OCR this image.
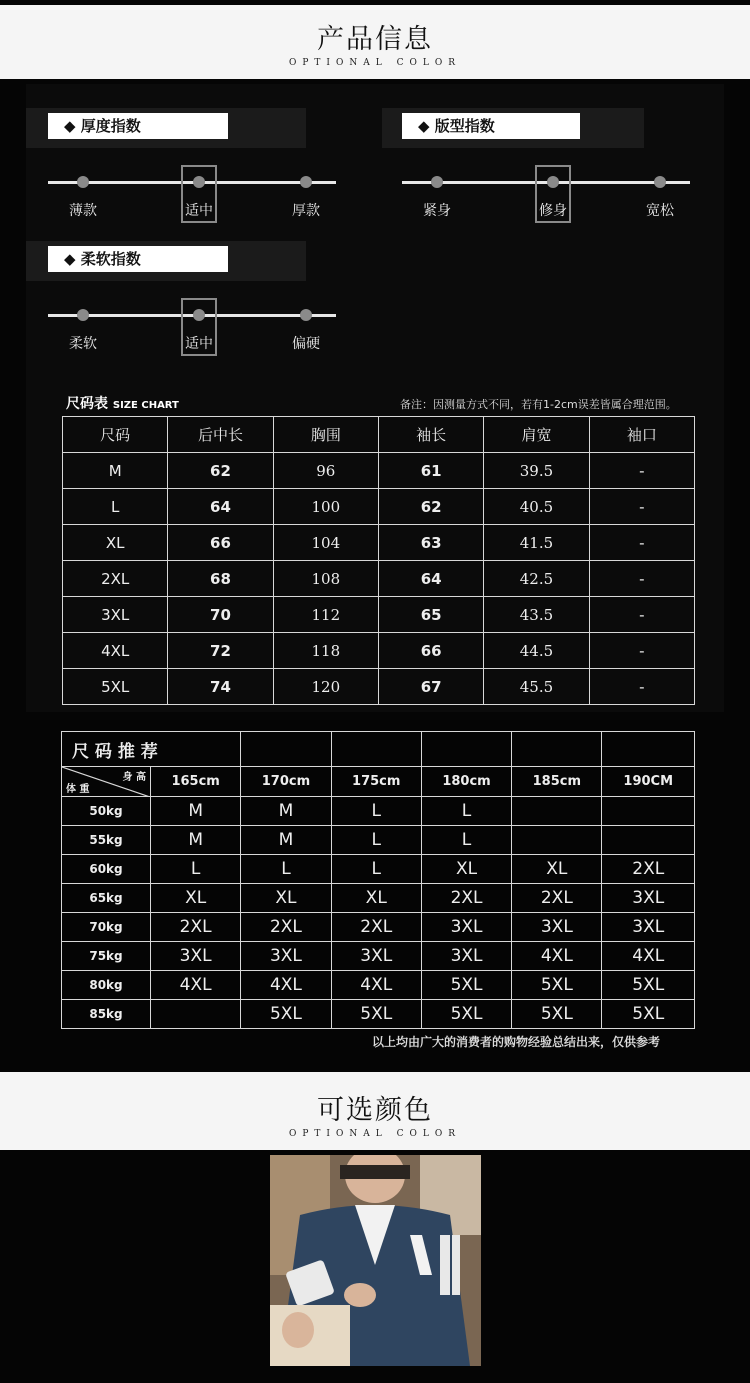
产品信息
OPTIONAL COLOR
◆ 厚度指数
薄款	适中	厚款
◆ 版型指数
紧身	修身	宽松
◆ 柔软指数
柔软	适中	偏硬
尺码表 SIZE CHART	备注：因测量方式不同，若有1-2cm误差皆属合理范围。
尺码	后中长	胸围	袖长	肩宽	袖口
M	62	96	61	39.5	-
L	64	100	62	40.5	-
XL	66	104	63	41.5	-
2XL	68	108	64	42.5	-
3XL	70	112	65	43.5	-
4XL	72	118	66	44.5	-
5XL	74	120	67	45.5	-
尺 码 推 荐						

身 高
体 重	165cm	170cm	175cm	180cm	185cm	190CM
50kg	M	M	L	L		
55kg	M	M	L	L		
60kg	L	L	L	XL	XL	2XL
65kg	XL	XL	XL	2XL	2XL	3XL
70kg	2XL	2XL	2XL	3XL	3XL	3XL
75kg	3XL	3XL	3XL	3XL	4XL	4XL
80kg	4XL	4XL	4XL	5XL	5XL	5XL
85kg		5XL	5XL	5XL	5XL	5XL
以上均由广大的消费者的购物经验总结出来，仅供参考
可选颜色
OPTIONAL COLOR
